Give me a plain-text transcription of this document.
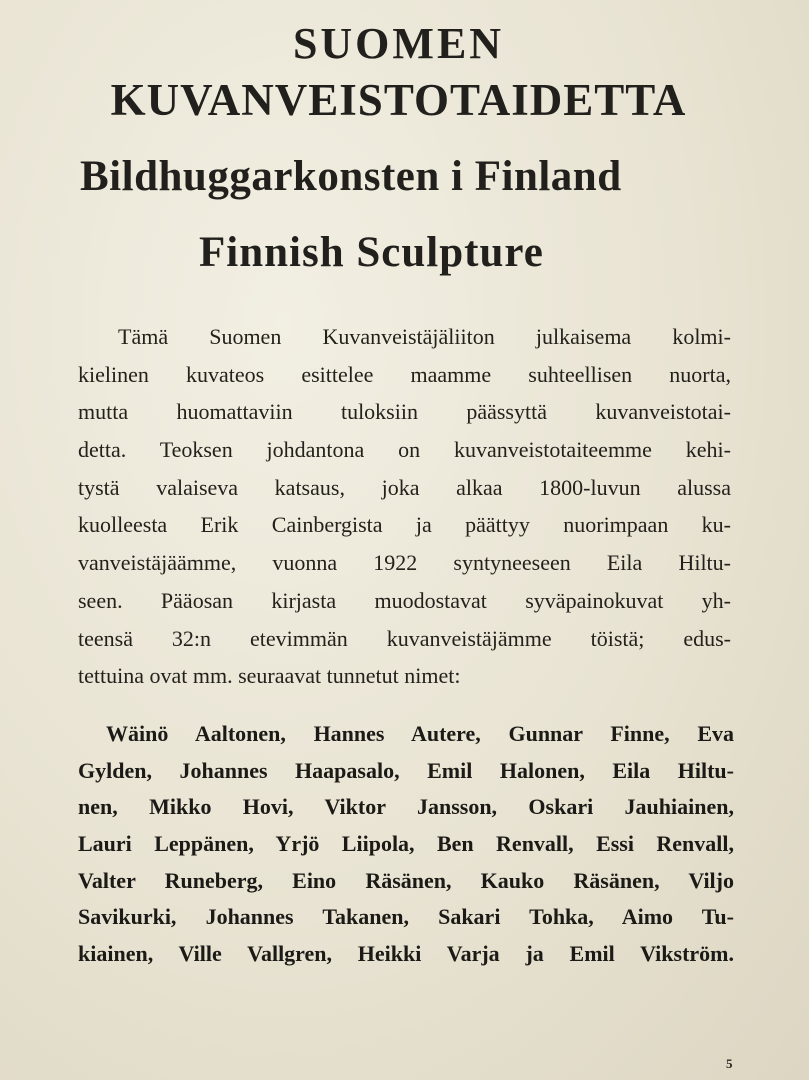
SUOMEN
KUVANVEISTOTAIDETTA
Bildhuggarkonsten i Finland
Finnish Sculpture
Tämä Suomen Kuvanveistäjäliiton julkaisema kolmi-
kielinen kuvateos esittelee maamme suhteellisen nuorta,
mutta huomattaviin tuloksiin päässyttä kuvanveistotai-
detta. Teoksen johdantona on kuvanveistotaiteemme kehi-
tystä valaiseva katsaus, joka alkaa 1800-luvun alussa
kuolleesta Erik Cainbergista ja päättyy nuorimpaan ku-
vanveistäjäämme, vuonna 1922 syntyneeseen Eila Hiltu-
seen. Pääosan kirjasta muodostavat syväpainokuvat yh-
teensä 32:n etevimmän kuvanveistäjämme töistä; edus-
tettuina ovat mm. seuraavat tunnetut nimet:
Wäinö Aaltonen, Hannes Autere, Gunnar Finne, Eva
Gylden, Johannes Haapasalo, Emil Halonen, Eila Hiltu-
nen, Mikko Hovi, Viktor Jansson, Oskari Jauhiainen,
Lauri Leppänen, Yrjö Liipola, Ben Renvall, Essi Renvall,
Valter Runeberg, Eino Räsänen, Kauko Räsänen, Viljo
Savikurki, Johannes Takanen, Sakari Tohka, Aimo Tu-
kiainen, Ville Vallgren, Heikki Varja ja Emil Vikström.
5
